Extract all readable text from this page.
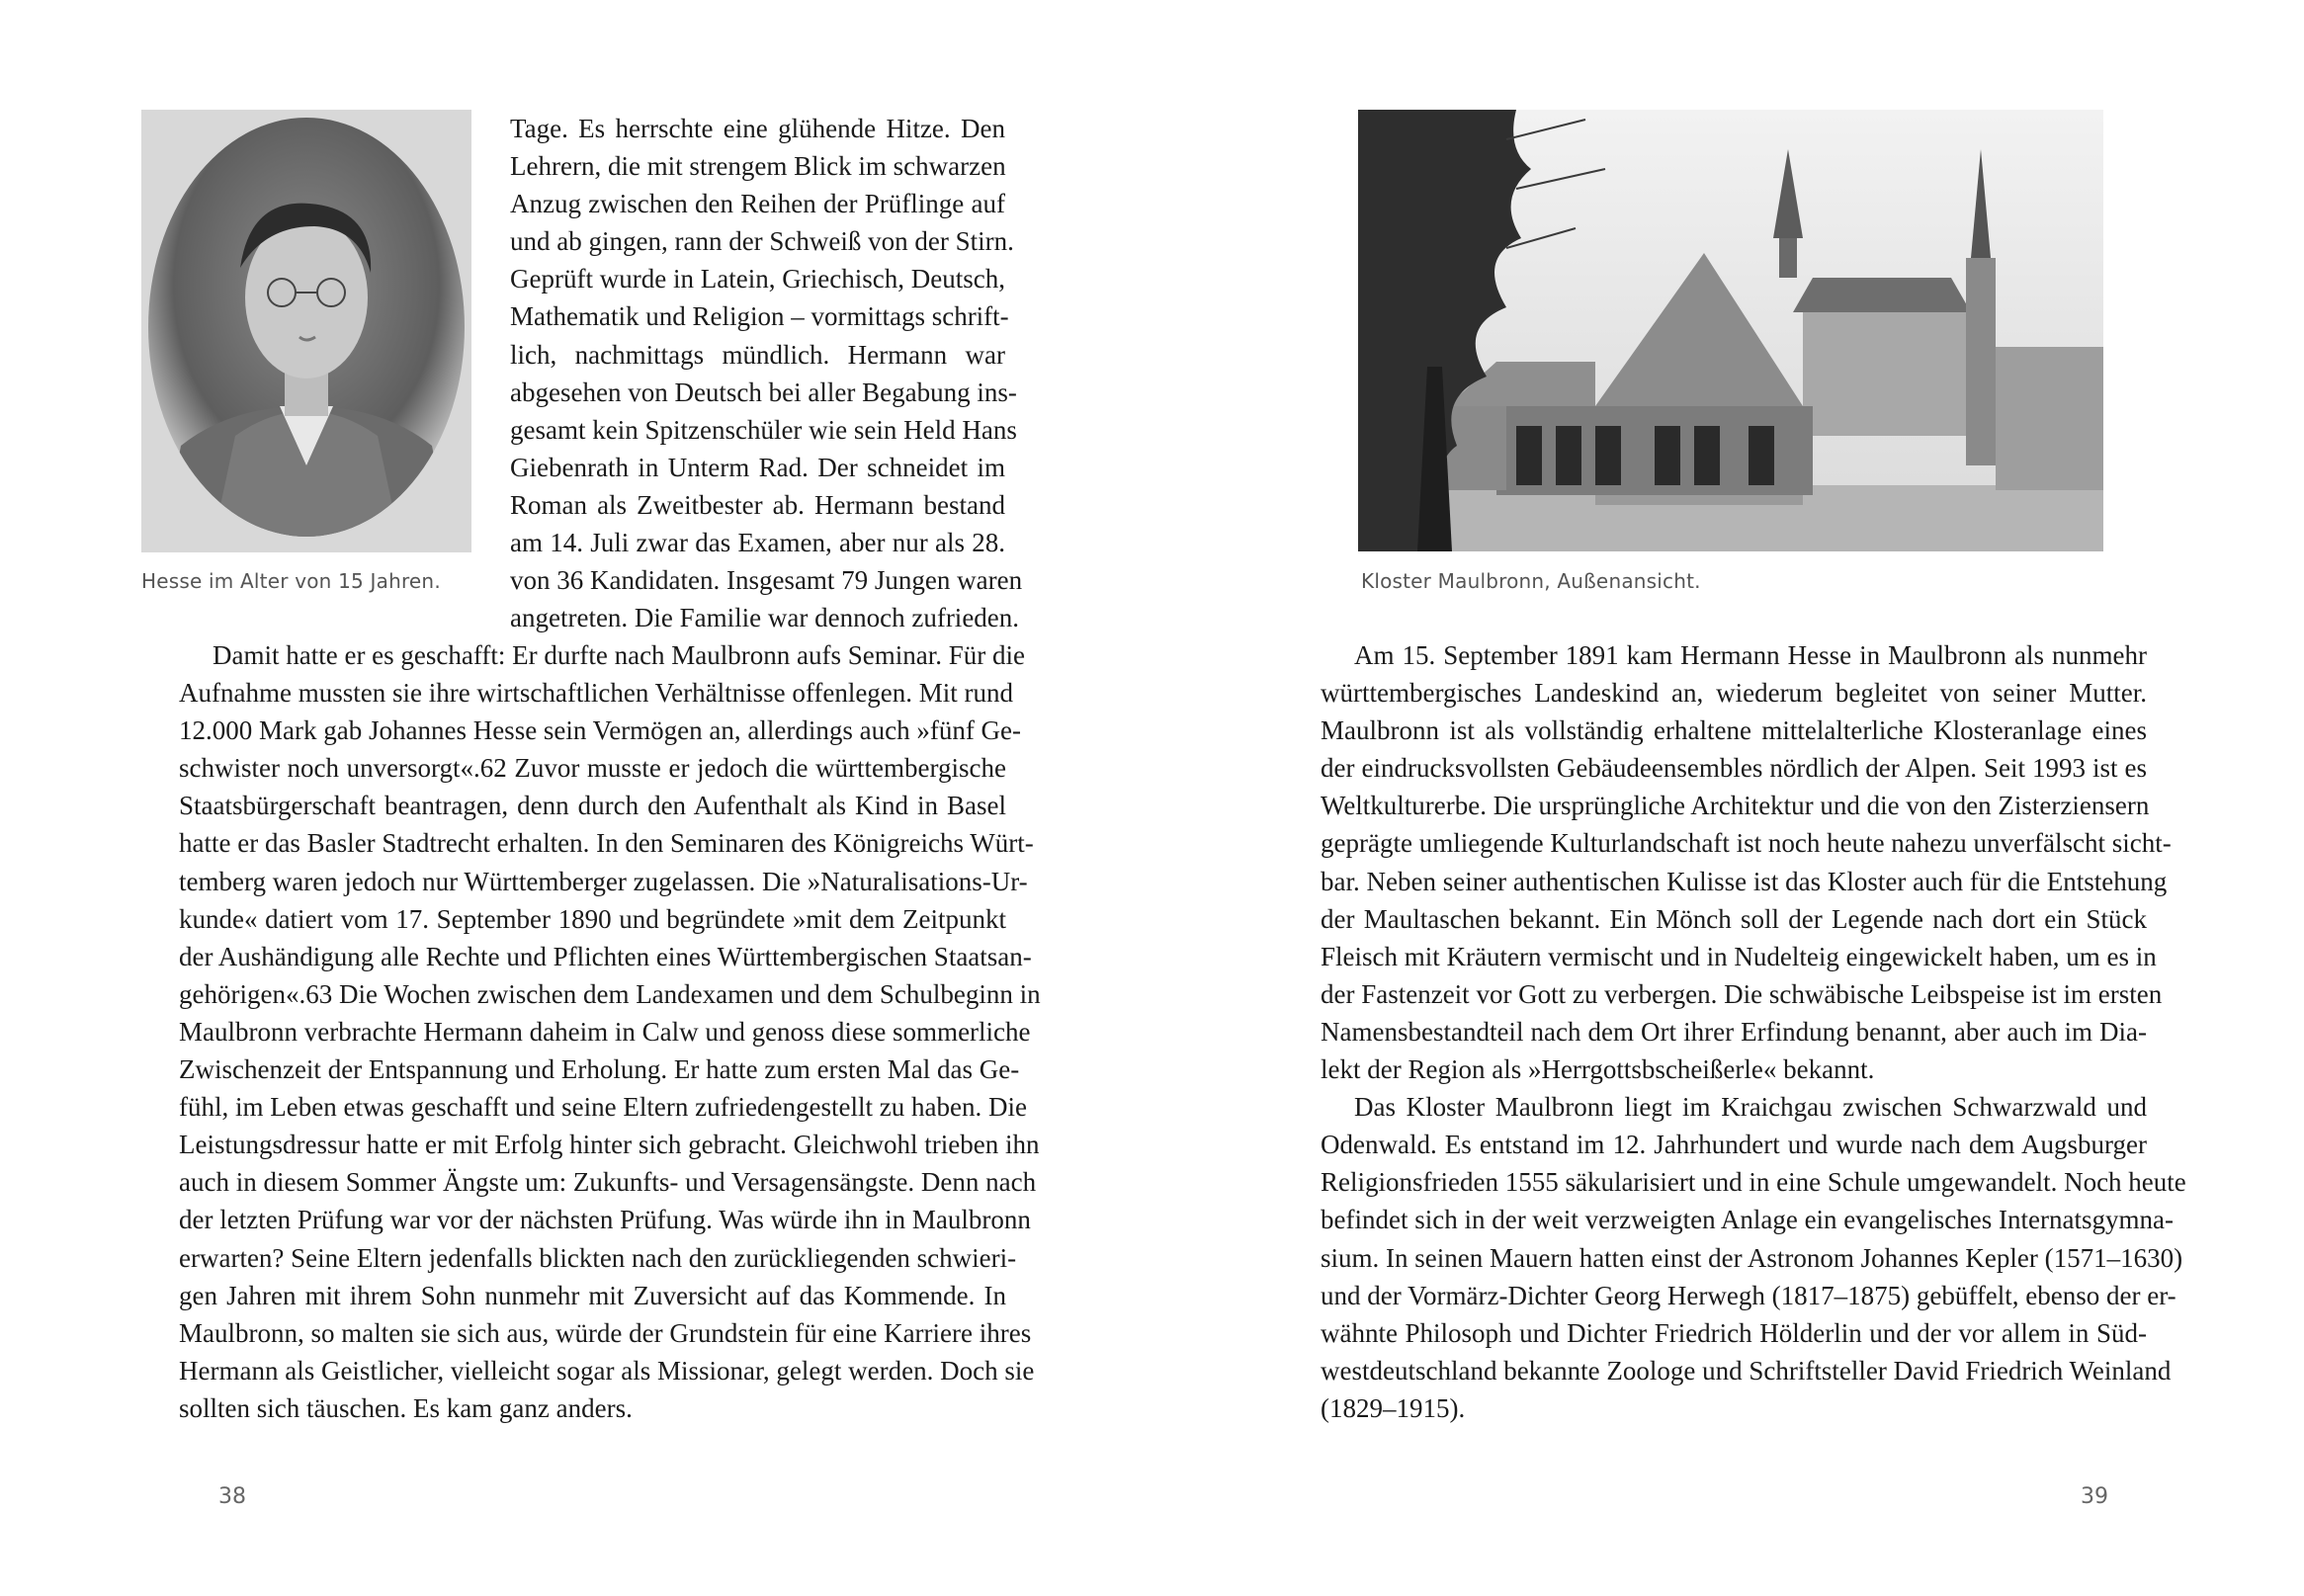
Hesse im Alter von 15 Jahren.
Tage. Es herrschte eine glühende Hitze. Den
Lehrern, die mit strengem Blick im schwarzen
Anzug zwischen den Reihen der Prüflinge auf
und ab gingen, rann der Schweiß von der Stirn.
Geprüft wurde in Latein, Griechisch, Deutsch,
Mathematik und Religion – vormittags schrift-
lich, nachmittags mündlich. Hermann war
abgesehen von Deutsch bei aller Begabung ins-
gesamt kein Spitzenschüler wie sein Held Hans
Giebenrath in Unterm Rad. Der schneidet im
Roman als Zweitbester ab. Hermann bestand
am 14. Juli zwar das Examen, aber nur als 28.
von 36 Kandidaten. Insgesamt 79 Jungen waren
angetreten. Die Familie war dennoch zufrieden.
Damit hatte er es geschafft: Er durfte nach Maulbronn aufs Seminar. Für die
Aufnahme mussten sie ihre wirtschaftlichen Verhältnisse offenlegen. Mit rund
12.000 Mark gab Johannes Hesse sein Vermögen an, allerdings auch »fünf Ge-
schwister noch unversorgt«.62 Zuvor musste er jedoch die württembergische
Staatsbürgerschaft beantragen, denn durch den Aufenthalt als Kind in Basel
hatte er das Basler Stadtrecht erhalten. In den Seminaren des Königreichs Würt-
temberg waren jedoch nur Württemberger zugelassen. Die »Naturalisations-Ur-
kunde« datiert vom 17. September 1890 und begründete »mit dem Zeitpunkt
der Aushändigung alle Rechte und Pflichten eines Württembergischen Staatsan-
gehörigen«.63 Die Wochen zwischen dem Landexamen und dem Schulbeginn in
Maulbronn verbrachte Hermann daheim in Calw und genoss diese sommerliche
Zwischenzeit der Entspannung und Erholung. Er hatte zum ersten Mal das Ge-
fühl, im Leben etwas geschafft und seine Eltern zufriedengestellt zu haben. Die
Leistungsdressur hatte er mit Erfolg hinter sich gebracht. Gleichwohl trieben ihn
auch in diesem Sommer Ängste um: Zukunfts- und Versagensängste. Denn nach
der letzten Prüfung war vor der nächsten Prüfung. Was würde ihn in Maulbronn
erwarten? Seine Eltern jedenfalls blickten nach den zurückliegenden schwieri-
gen Jahren mit ihrem Sohn nunmehr mit Zuversicht auf das Kommende. In
Maulbronn, so malten sie sich aus, würde der Grundstein für eine Karriere ihres
Hermann als Geistlicher, vielleicht sogar als Missionar, gelegt werden. Doch sie
sollten sich täuschen. Es kam ganz anders.
38
Kloster Maulbronn, Außenansicht.
Am 15. September 1891 kam Hermann Hesse in Maulbronn als nunmehr
württembergisches Landeskind an, wiederum begleitet von seiner Mutter.
Maulbronn ist als vollständig erhaltene mittelalterliche Klosteranlage eines
der eindrucksvollsten Gebäudeensembles nördlich der Alpen. Seit 1993 ist es
Weltkulturerbe. Die ursprüngliche Architektur und die von den Zisterziensern
geprägte umliegende Kulturlandschaft ist noch heute nahezu unverfälscht sicht-
bar. Neben seiner authentischen Kulisse ist das Kloster auch für die Entstehung
der Maultaschen bekannt. Ein Mönch soll der Legende nach dort ein Stück
Fleisch mit Kräutern vermischt und in Nudelteig eingewickelt haben, um es in
der Fastenzeit vor Gott zu verbergen. Die schwäbische Leibspeise ist im ersten
Namensbestandteil nach dem Ort ihrer Erfindung benannt, aber auch im Dia-
lekt der Region als »Herrgottsbscheißerle« bekannt.
Das Kloster Maulbronn liegt im Kraichgau zwischen Schwarzwald und
Odenwald. Es entstand im 12. Jahrhundert und wurde nach dem Augsburger
Religionsfrieden 1555 säkularisiert und in eine Schule umgewandelt. Noch heute
befindet sich in der weit verzweigten Anlage ein evangelisches Internatsgymna-
sium. In seinen Mauern hatten einst der Astronom Johannes Kepler (1571–1630)
und der Vormärz-Dichter Georg Herwegh (1817–1875) gebüffelt, ebenso der er-
wähnte Philosoph und Dichter Friedrich Hölderlin und der vor allem in Süd-
westdeutschland bekannte Zoologe und Schriftsteller David Friedrich Weinland
(1829–1915).
39
